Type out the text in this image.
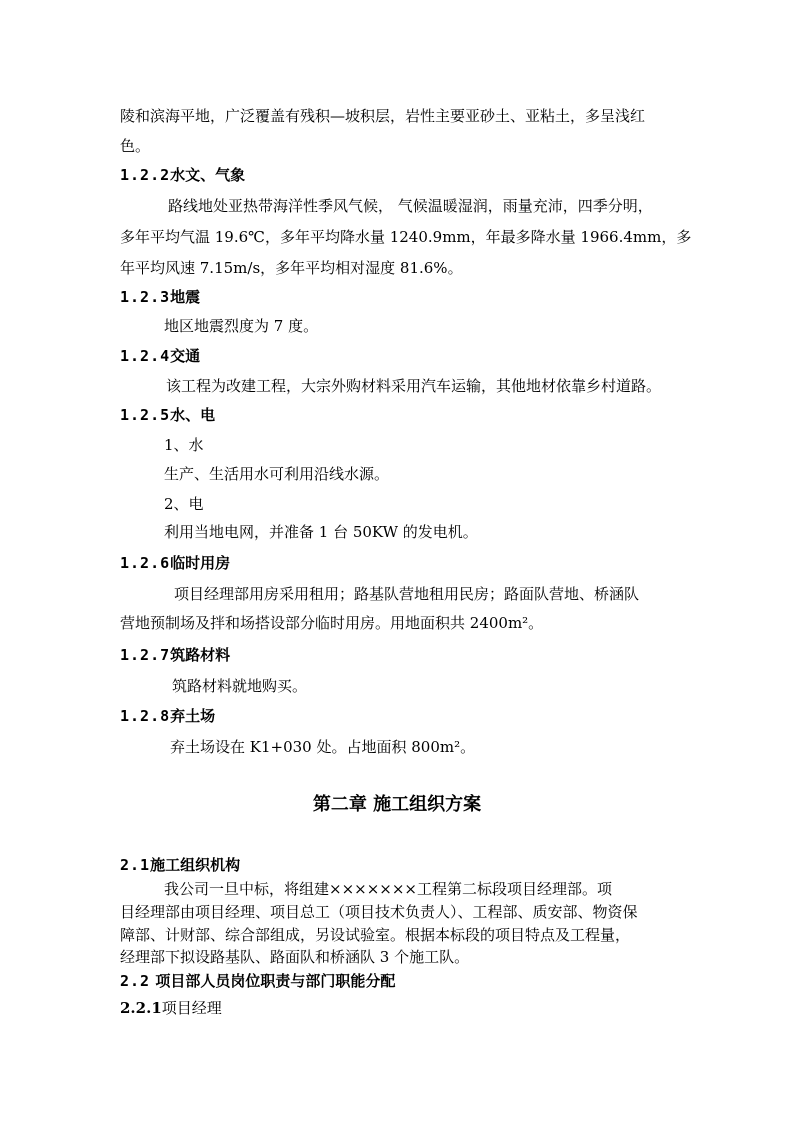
陵和滨海平地，广泛覆盖有残积—坡积层，岩性主要亚砂土、亚粘土，多呈浅红
色。
1.2.2水文、气象
路线地处亚热带海洋性季风气候， 气候温暖湿润，雨量充沛，四季分明，
多年平均气温 19.6℃，多年平均降水量 1240.9mm，年最多降水量 1966.4mm，多
年平均风速 7.15m/s，多年平均相对湿度 81.6%。
1.2.3地震
地区地震烈度为 7 度。
1.2.4交通
该工程为改建工程，大宗外购材料采用汽车运输，其他地材依靠乡村道路。
1.2.5水、电
1、水
生产、生活用水可利用沿线水源。
2、电
利用当地电网，并准备 1 台 50KW 的发电机。
1.2.6临时用房
项目经理部用房采用租用；路基队营地租用民房；路面队营地、桥涵队
营地预制场及拌和场搭设部分临时用房。用地面积共 2400m²。
1.2.7筑路材料
筑路材料就地购买。
1.2.8弃土场
弃土场设在 K1+030 处。占地面积 800m²。
第二章 施工组织方案
2.1施工组织机构
我公司一旦中标，将组建×××××××工程第二标段项目经理部。项
目经理部由项目经理、项目总工（项目技术负责人）、工程部、质安部、物资保
障部、计财部、综合部组成，另设试验室。根据本标段的项目特点及工程量，
经理部下拟设路基队、路面队和桥涵队 3 个施工队。
2.2 项目部人员岗位职责与部门职能分配
2.2.1项目经理
